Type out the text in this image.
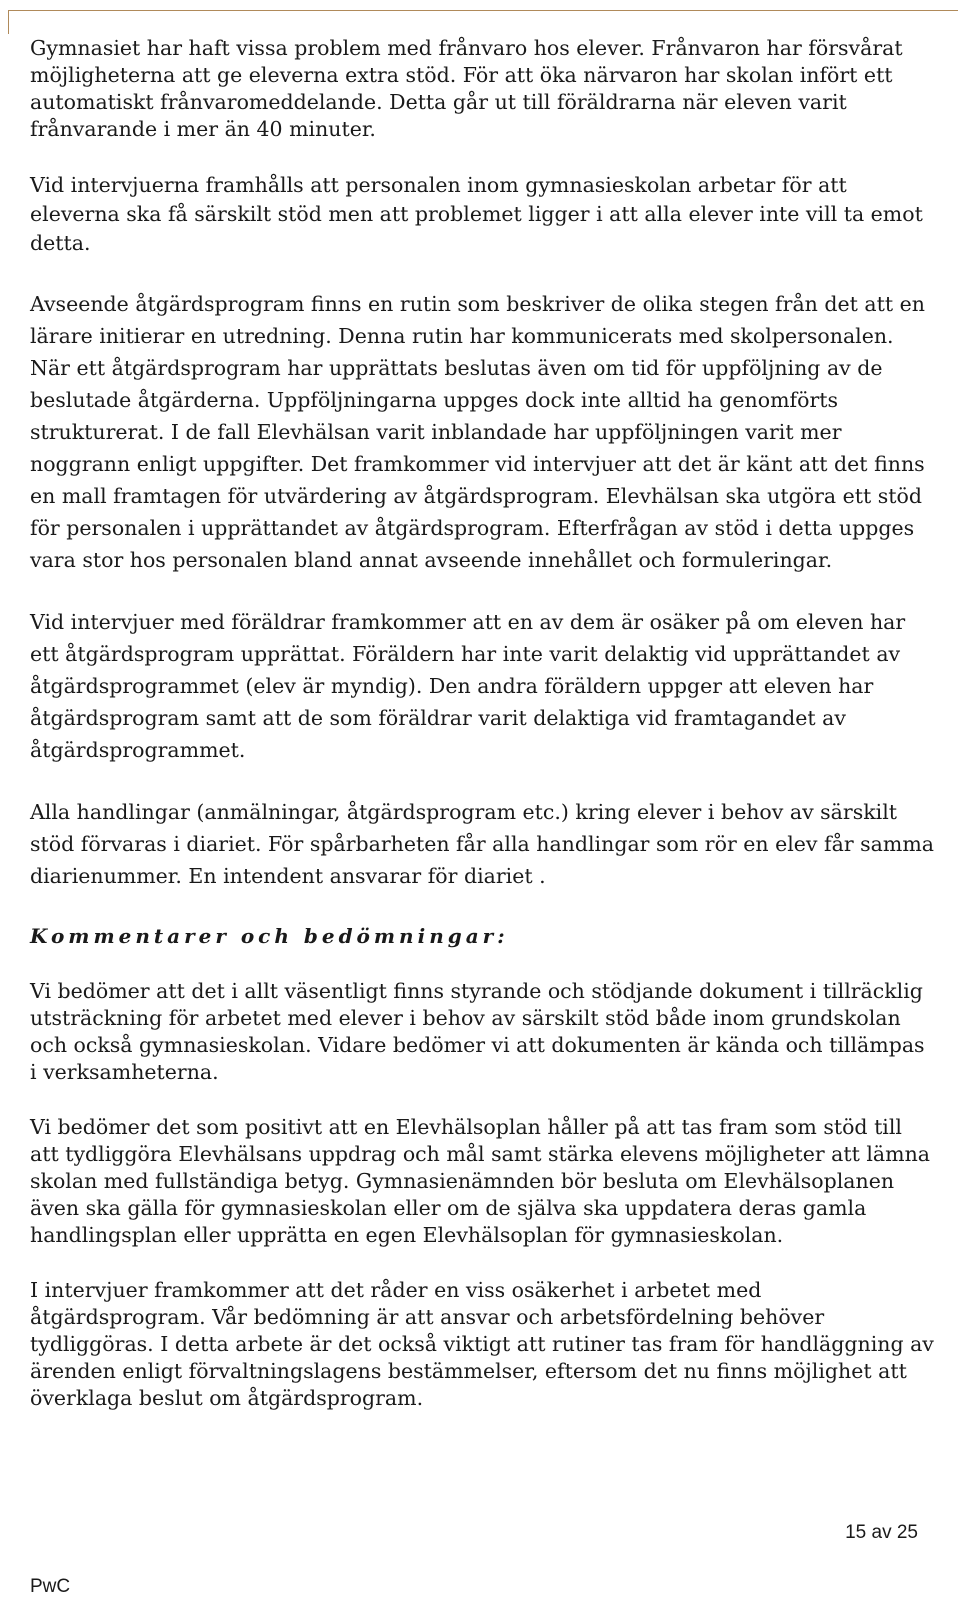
Gymnasiet har haft vissa problem med frånvaro hos elever. Frånvaron har försvårat möjligheterna att ge eleverna extra stöd. För att öka närvaron har skolan infört ett automatiskt frånvaromeddelande. Detta går ut till föräldrarna när eleven varit frånvarande i mer än 40 minuter.

Vid intervjuerna framhålls att personalen inom gymnasieskolan arbetar för att eleverna ska få särskilt stöd men att problemet ligger i att alla elever inte vill ta emot detta.

Avseende åtgärdsprogram finns en rutin som beskriver de olika stegen från det att en lärare initierar en utredning. Denna rutin har kommunicerats med skolpersonalen. När ett åtgärdsprogram har upprättats beslutas även om tid för uppföljning av de beslutade åtgärderna. Uppföljningarna uppges dock inte alltid ha genomförts strukturerat. I de fall Elevhälsan varit inblandade har uppföljningen varit mer noggrann enligt uppgifter. Det framkommer vid intervjuer att det är känt att det finns en mall framtagen för utvärdering av åtgärdsprogram. Elevhälsan ska utgöra ett stöd för personalen i upprättandet av åtgärdsprogram. Efterfrågan av stöd i detta uppges vara stor hos personalen bland annat avseende innehållet och formuleringar.

Vid intervjuer med föräldrar framkommer att en av dem är osäker på om eleven har ett åtgärdsprogram upprättat. Föräldern har inte varit delaktig vid upprättandet av åtgärdsprogrammet (elev är myndig). Den andra föräldern uppger att eleven har åtgärdsprogram samt att de som föräldrar varit delaktiga vid framtagandet av åtgärdsprogrammet.

Alla handlingar (anmälningar, åtgärdsprogram etc.) kring elever i behov av särskilt stöd förvaras i diariet. För spårbarheten får alla handlingar som rör en elev får samma diarienummer. En intendent ansvarar för diariet .

Kommentarer och bedömningar:

Vi bedömer att det i allt väsentligt finns styrande och stödjande dokument i tillräcklig utsträckning för arbetet med elever i behov av särskilt stöd både inom grundskolan och också gymnasieskolan. Vidare bedömer vi att dokumenten är kända och tillämpas i verksamheterna.

Vi bedömer det som positivt att en Elevhälsoplan håller på att tas fram som stöd till att tydliggöra Elevhälsans uppdrag och mål samt stärka elevens möjligheter att lämna skolan med fullständiga betyg. Gymnasienämnden bör besluta om Elevhälsoplanen även ska gälla för gymnasieskolan eller om de själva ska uppdatera deras gamla handlingsplan eller upprätta en egen Elevhälsoplan för gymnasieskolan.

I intervjuer framkommer att det råder en viss osäkerhet i arbetet med åtgärdsprogram. Vår bedömning är att ansvar och arbetsfördelning behöver tydliggöras. I detta arbete är det också viktigt att rutiner tas fram för handläggning av ärenden enligt förvaltningslagens bestämmelser, eftersom det nu finns möjlighet att överklaga beslut om åtgärdsprogram.

15 av 25
PwC
